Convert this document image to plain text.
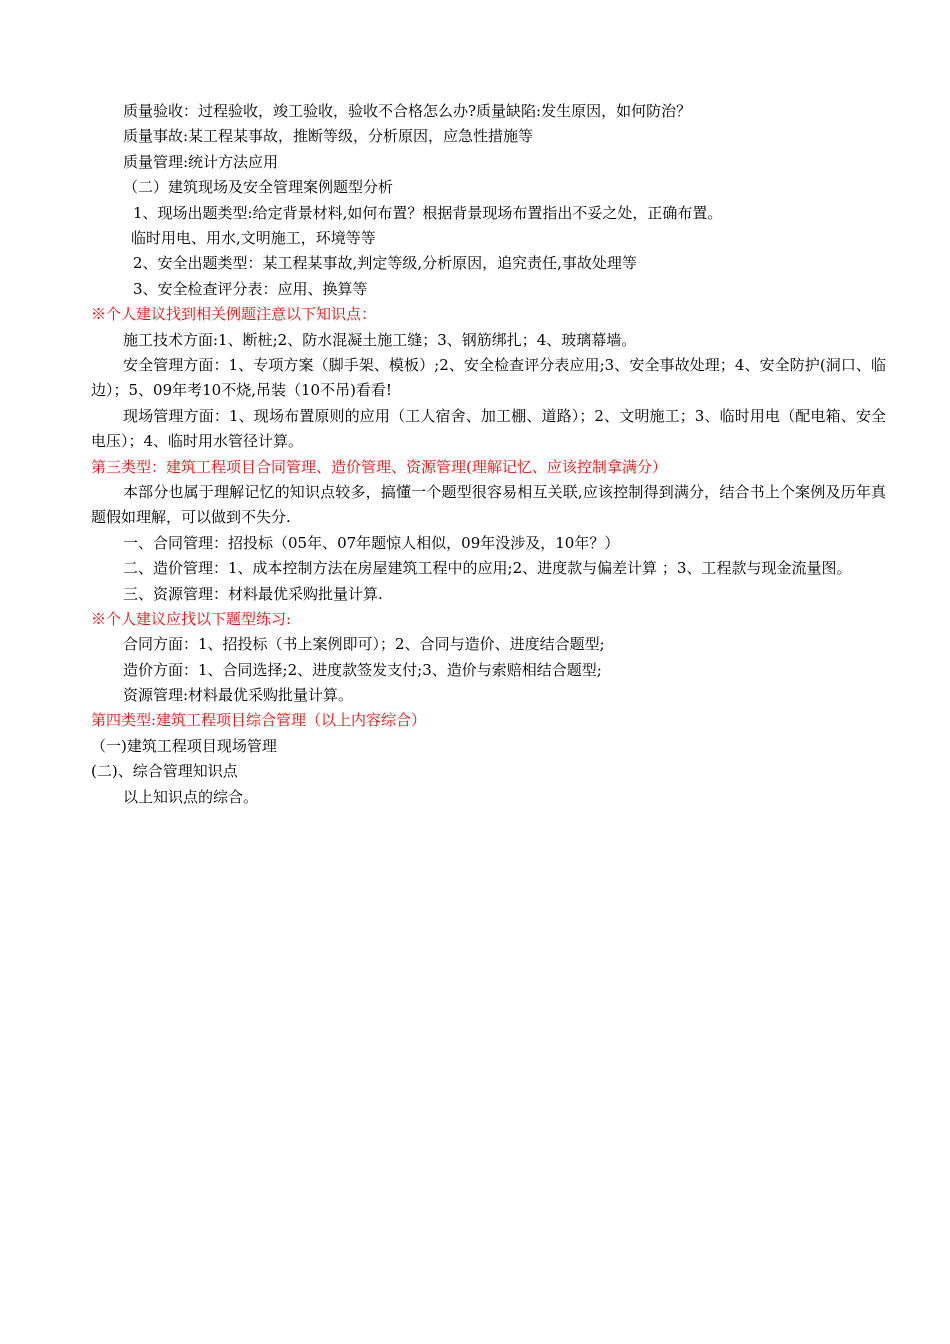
质量验收：过程验收，竣工验收，验收不合格怎么办?质量缺陷:发生原因，如何防治？
质量事故:某工程某事故，推断等级，分析原因，应急性措施等
质量管理:统计方法应用
（二）建筑现场及安全管理案例题型分析
1、现场出题类型:给定背景材料,如何布置？根据背景现场布置指出不妥之处，正确布置。
临时用电、用水,文明施工，环境等等
2、安全出题类型：某工程某事故,判定等级,分析原因，追究责任,事故处理等
3、安全检查评分表：应用、换算等
※个人建议找到相关例题注意以下知识点：
施工技术方面:1、断桩;2、防水混凝土施工缝；3、钢筋绑扎；4、玻璃幕墙。
安全管理方面：1、专项方案（脚手架、模板）;2、安全检查评分表应用;3、安全事故处理；4、安全防护(洞口、临边）；5、09年考10不烧,吊装（10不吊)看看!
现场管理方面：1、现场布置原则的应用（工人宿舍、加工棚、道路）；2、文明施工；3、临时用电（配电箱、安全电压）；4、临时用水管径计算。
第三类型：建筑工程项目合同管理、造价管理、资源管理(理解记忆、应该控制拿满分）
本部分也属于理解记忆的知识点较多，搞懂一个题型很容易相互关联,应该控制得到满分，结合书上个案例及历年真题假如理解，可以做到不失分.
一、合同管理：招投标（05年、07年题惊人相似，09年没涉及，10年？）
二、造价管理：1、成本控制方法在房屋建筑工程中的应用;2、进度款与偏差计算 ；3、工程款与现金流量图。
三、资源管理：材料最优采购批量计算.
※个人建议应找以下题型练习:
合同方面：1、招投标（书上案例即可）；2、合同与造价、进度结合题型;
造价方面：1、合同选择;2、进度款签发支付;3、造价与索赔相结合题型;
资源管理:材料最优采购批量计算。
第四类型:建筑工程项目综合管理（以上内容综合）
（一)建筑工程项目现场管理
(二)、综合管理知识点
以上知识点的综合。
